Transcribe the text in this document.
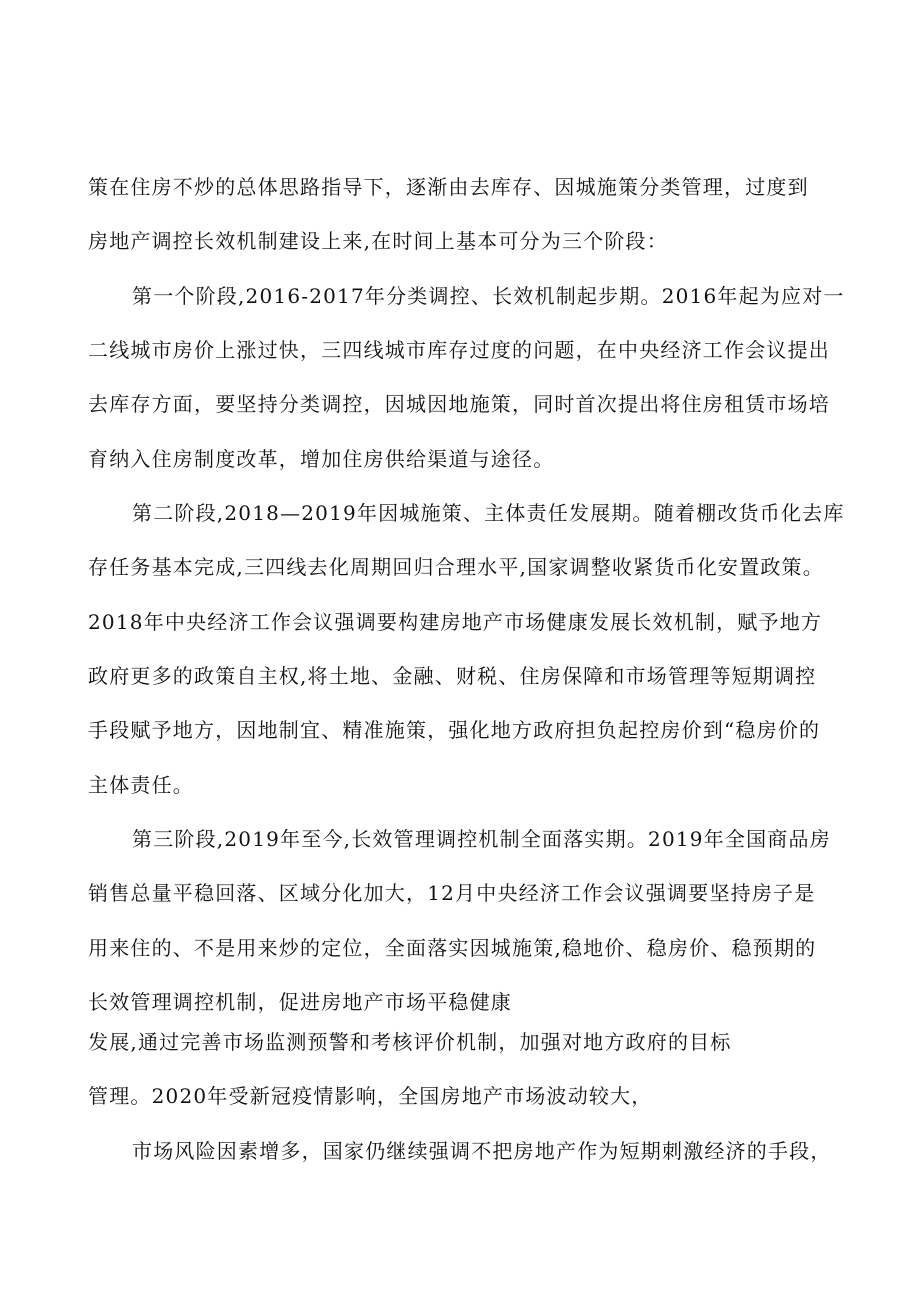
策在住房不炒的总体思路指导下，逐渐由去库存、因城施策分类管理，过度到
房地产调控长效机制建设上来,在时间上基本可分为三个阶段：
第一个阶段,2016-2017年分类调控、长效机制起步期。2016年起为应对一
二线城市房价上涨过快，三四线城市库存过度的问题，在中央经济工作会议提出
去库存方面，要坚持分类调控，因城因地施策，同时首次提出将住房租赁市场培
育纳入住房制度改革，增加住房供给渠道与途径。
第二阶段,2018—2019年因城施策、主体责任发展期。随着棚改货币化去库
存任务基本完成,三四线去化周期回归合理水平,国家调整收紧货币化安置政策。
2018年中央经济工作会议强调要构建房地产市场健康发展长效机制，赋予地方
政府更多的政策自主权,将土地、金融、财税、住房保障和市场管理等短期调控
手段赋予地方，因地制宜、精准施策，强化地方政府担负起控房价到“稳房价的
主体责任。
第三阶段,2019年至今,长效管理调控机制全面落实期。2019年全国商品房
销售总量平稳回落、区域分化加大，12月中央经济工作会议强调要坚持房子是
用来住的、不是用来炒的定位，全面落实因城施策,稳地价、稳房价、稳预期的
长效管理调控机制，促进房地产市场平稳健康
发展,通过完善市场监测预警和考核评价机制，加强对地方政府的目标
管理。2020年受新冠疫情影响，全国房地产市场波动较大，
市场风险因素增多，国家仍继续强调不把房地产作为短期刺激经济的手段，
